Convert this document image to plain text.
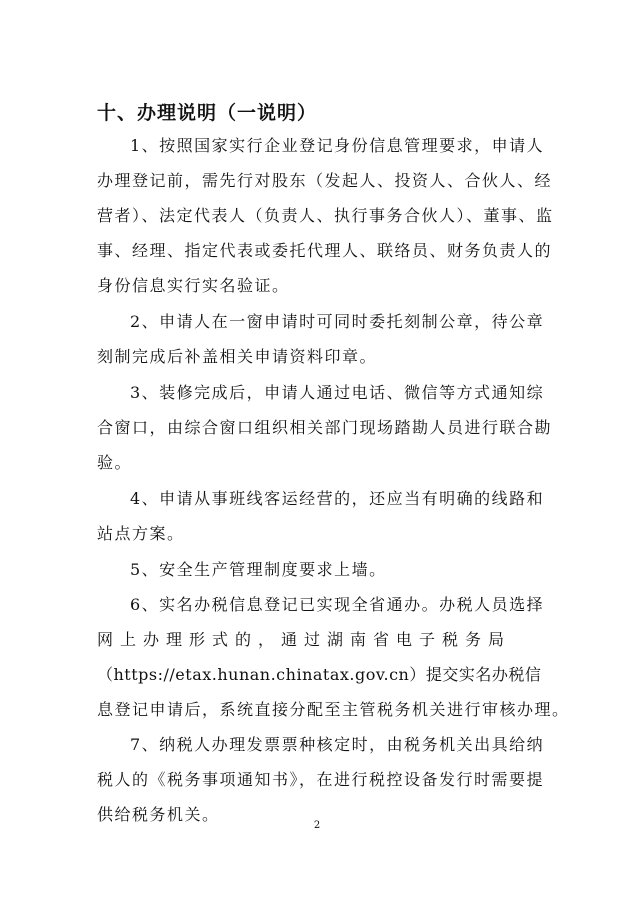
十、办理说明（一说明）
1、按照国家实行企业登记身份信息管理要求，申请人
办理登记前，需先行对股东（发起人、投资人、合伙人、经
营者）、法定代表人（负责人、执行事务合伙人）、董事、监
事、经理、指定代表或委托代理人、联络员、财务负责人的
身份信息实行实名验证。
2、申请人在一窗申请时可同时委托刻制公章，待公章
刻制完成后补盖相关申请资料印章。
3、装修完成后，申请人通过电话、微信等方式通知综
合窗口，由综合窗口组织相关部门现场踏勘人员进行联合勘
验。
4、申请从事班线客运经营的，还应当有明确的线路和
站点方案。
5、安全生产管理制度要求上墙。
6、实名办税信息登记已实现全省通办。办税人员选择
网上办理形式的，通过湖南省电子税务局
（https://etax.hunan.chinatax.gov.cn）提交实名办税信
息登记申请后，系统直接分配至主管税务机关进行审核办理。
7、纳税人办理发票票种核定时，由税务机关出具给纳
税人的《税务事项通知书》，在进行税控设备发行时需要提
供给税务机关。
2
